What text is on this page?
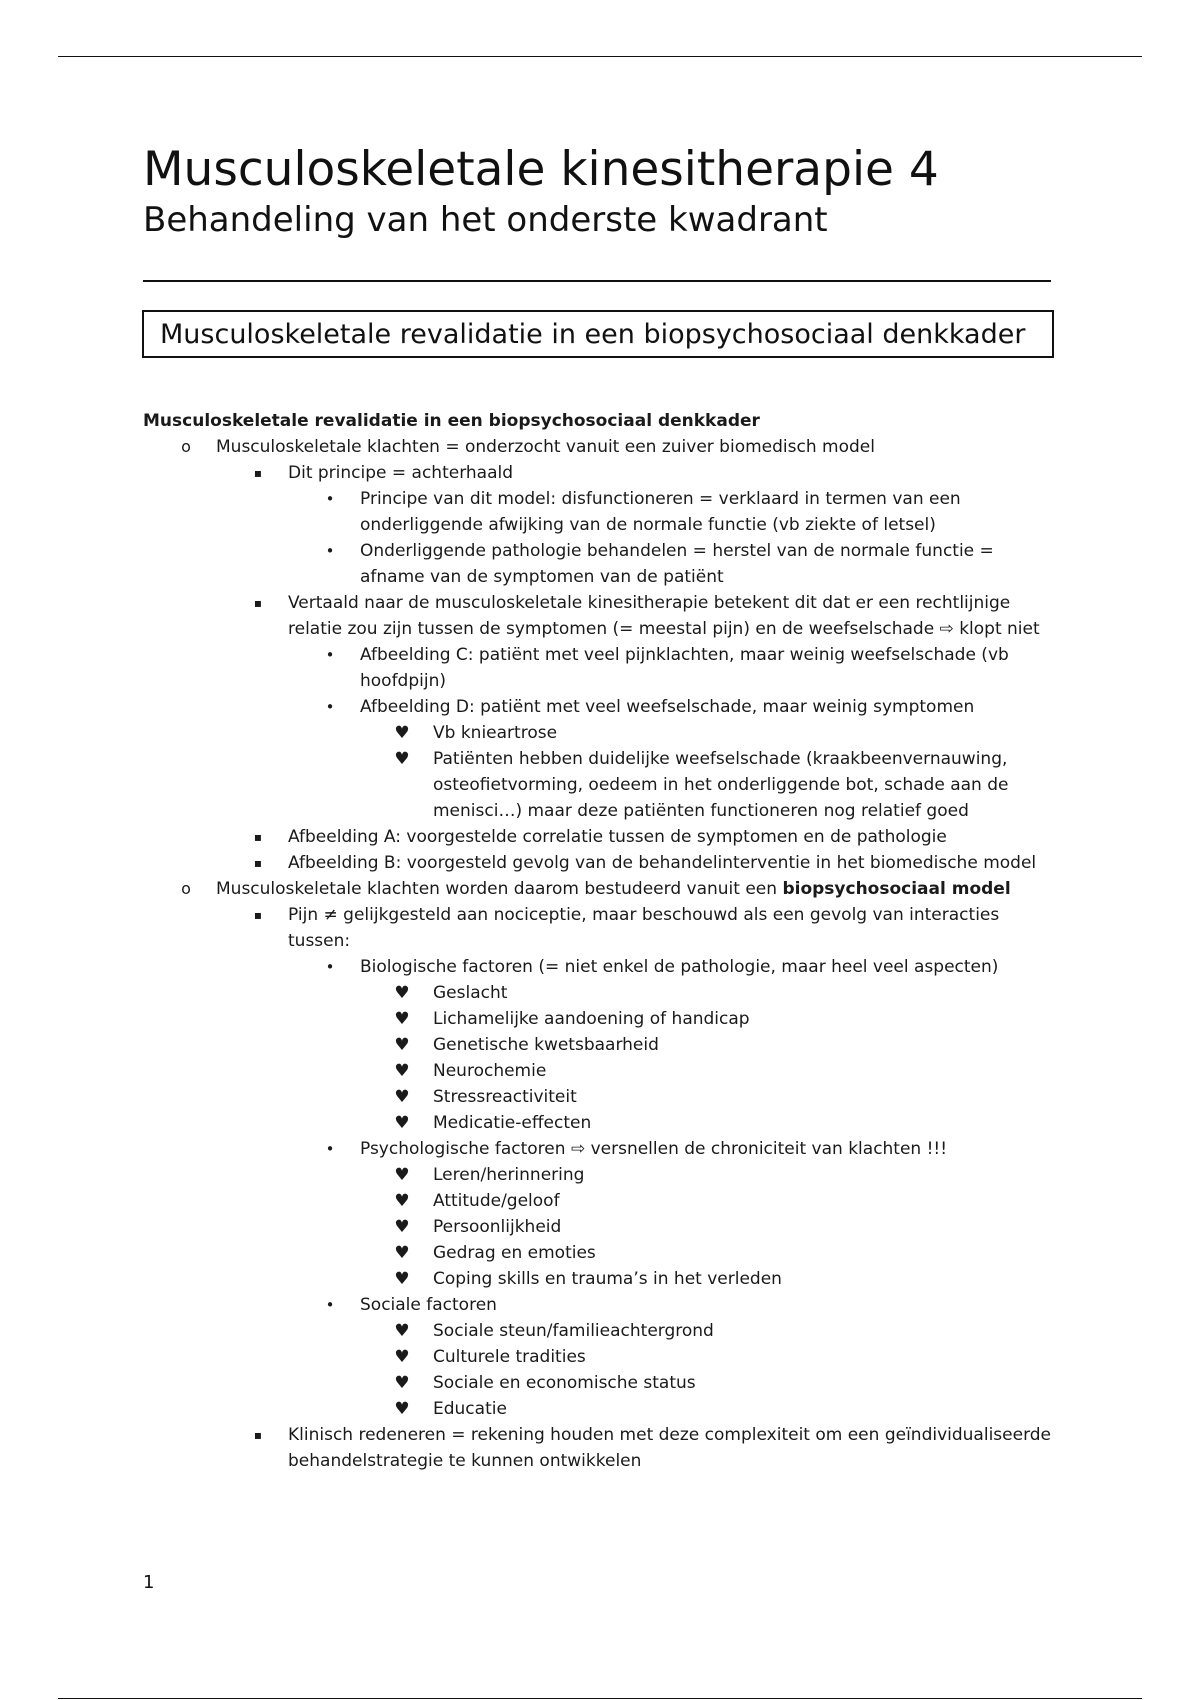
Musculoskeletale kinesitherapie 4
Behandeling van het onderste kwadrant
Musculoskeletale revalidatie in een biopsychosociaal denkkader
Musculoskeletale revalidatie in een biopsychosociaal denkkader
o	Musculoskeletale klachten = onderzocht vanuit een zuiver biomedisch model
▪	Dit principe = achterhaald
•	Principe van dit model: disfunctioneren = verklaard in termen van een onderliggende afwijking van de normale functie (vb ziekte of letsel)
•	Onderliggende pathologie behandelen = herstel van de normale functie = afname van de symptomen van de patiënt
▪	Vertaald naar de musculoskeletale kinesitherapie betekent dit dat er een rechtlijnige relatie zou zijn tussen de symptomen (= meestal pijn) en de weefselschade ⇨ klopt niet
•	Afbeelding C: patiënt met veel pijnklachten, maar weinig weefselschade (vb hoofdpijn)
•	Afbeelding D: patiënt met veel weefselschade, maar weinig symptomen
♥ Vb knieartrose
♥ Patiënten hebben duidelijke weefselschade (kraakbeenvernauwing, osteofietvorming, oedeem in het onderliggende bot, schade aan de menisci…) maar deze patiënten functioneren nog relatief goed
▪	Afbeelding A: voorgestelde correlatie tussen de symptomen en de pathologie
▪	Afbeelding B: voorgesteld gevolg van de behandelinterventie in het biomedische model
o	Musculoskeletale klachten worden daarom bestudeerd vanuit een biopsychosociaal model
▪	Pijn ≠ gelijkgesteld aan nociceptie, maar beschouwd als een gevolg van interacties tussen:
•	Biologische factoren (= niet enkel de pathologie, maar heel veel aspecten)
♥ Geslacht
♥ Lichamelijke aandoening of handicap
♥ Genetische kwetsbaarheid
♥ Neurochemie
♥ Stressreactiviteit
♥ Medicatie-effecten
•	Psychologische factoren ⇨ versnellen de chroniciteit van klachten !!!
♥ Leren/herinnering
♥ Attitude/geloof
♥ Persoonlijkheid
♥ Gedrag en emoties
♥ Coping skills en trauma’s in het verleden
•	Sociale factoren
♥ Sociale steun/familieachtergrond
♥ Culturele tradities
♥ Sociale en economische status
♥ Educatie
▪	Klinisch redeneren = rekening houden met deze complexiteit om een geïndividualiseerde behandelstrategie te kunnen ontwikkelen
1
